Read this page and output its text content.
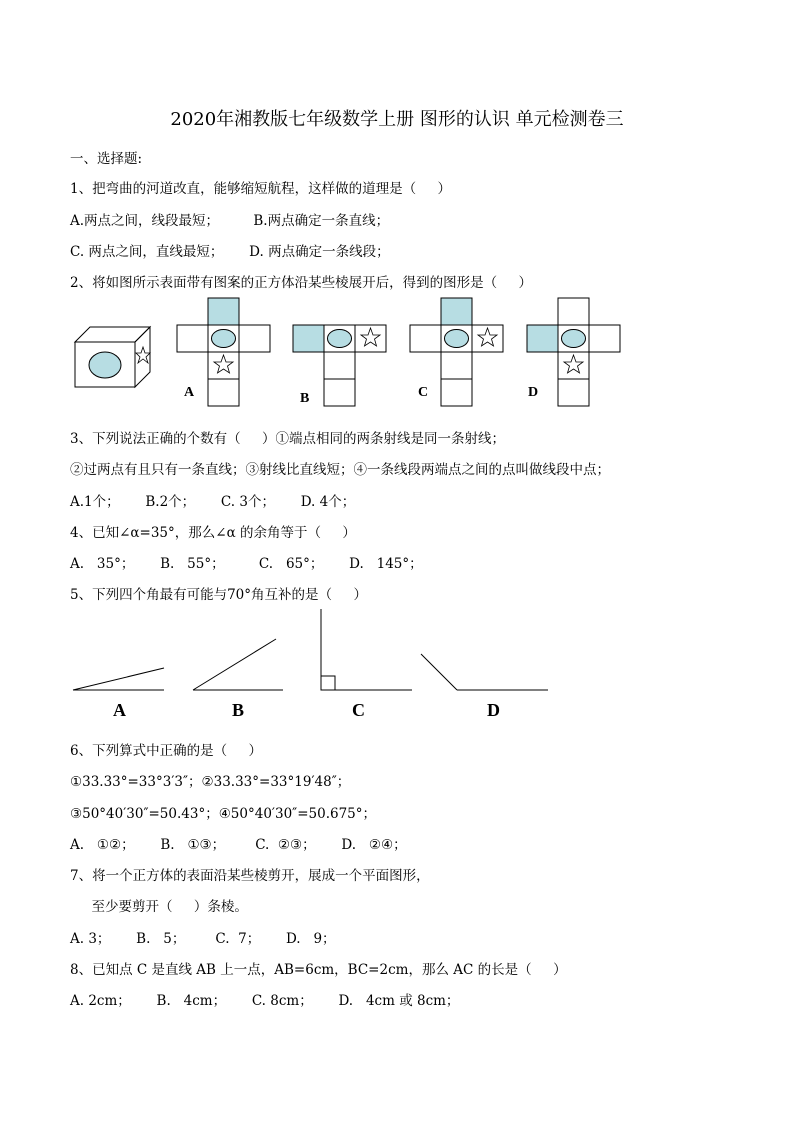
2020年湘教版七年级数学上册 图形的认识 单元检测卷三
一、选择题:
1、把弯曲的河道改直，能够缩短航程，这样做的道理是（     ）
A.两点之间，线段最短；        B.两点确定一条直线；
C. 两点之间，直线最短；      D. 两点确定一条线段；
2、将如图所示表面带有图案的正方体沿某些棱展开后，得到的图形是（     ）
A	B	C	D
3、下列说法正确的个数有（     ）①端点相同的两条射线是同一条射线；
②过两点有且只有一条直线；③射线比直线短；④一条线段两端点之间的点叫做线段中点；
A.1个；      B.2个；      C. 3个；      D. 4个；
4、已知∠α=35°，那么∠α 的余角等于（     ）
A.   35°；      B.   55°；        C.   65°；      D.   145°；
5、下列四个角最有可能与70°角互补的是（     ）
A	B	C	D
6、下列算式中正确的是（     ）
①33.33°=33°3′3″；②33.33°=33°19′48″；
③50°40′30″=50.43°；④50°40′30″=50.675°；
A.   ①②；      B.   ①③；       C.  ②③；      D.   ②④；
7、将一个正方体的表面沿某些棱剪开，展成一个平面图形，
至少要剪开（     ）条棱。
A. 3；      B.   5；       C.  7；      D.   9；
8、已知点 C 是直线 AB 上一点，AB=6cm，BC=2cm，那么 AC 的长是（     ）
A. 2cm；      B.   4cm；      C. 8cm；      D.   4cm 或 8cm；
